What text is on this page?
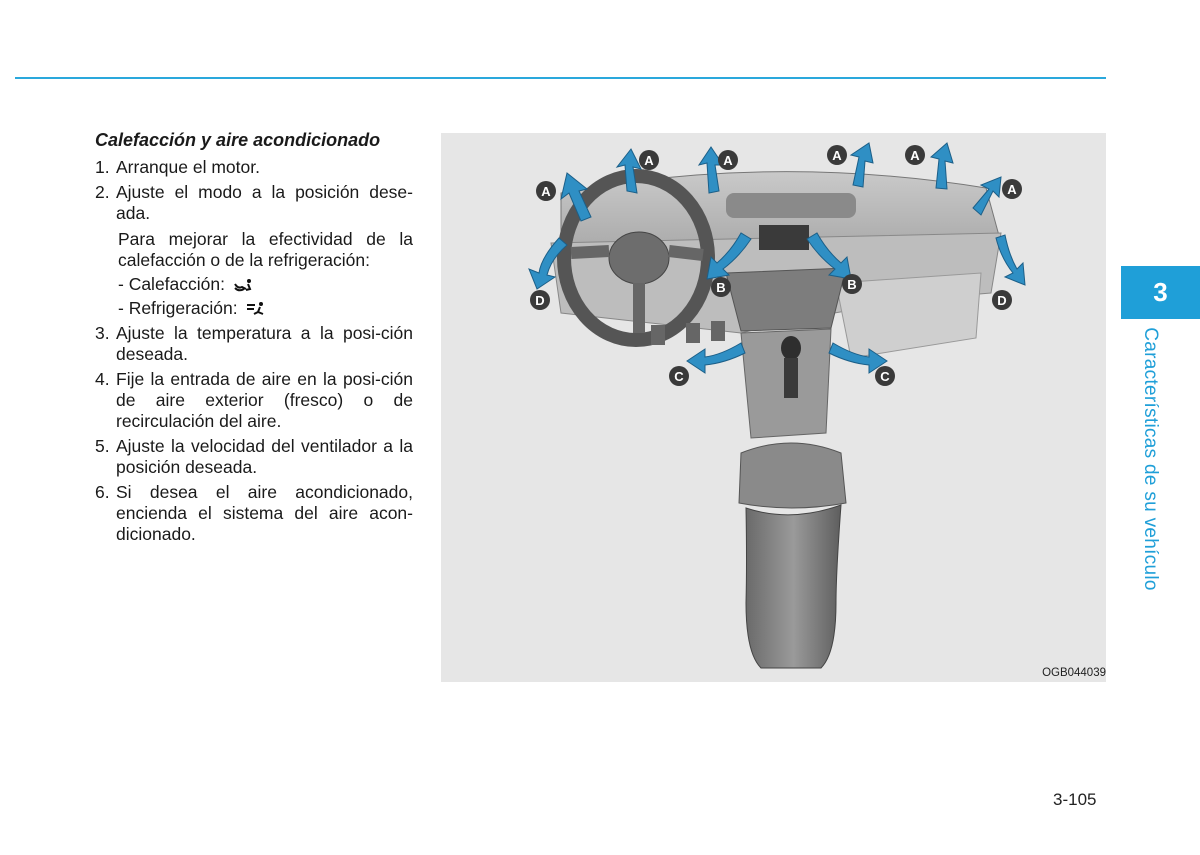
Calefacción y aire acondicionado
1. Arranque el motor.

2. Ajuste el modo a la posición dese-ada.

Para mejorar la efectividad de la calefacción o de la refrigeración:

- Calefacción:
- Refrigeración:
3. Ajuste la temperatura a la posi-ción deseada.

4. Fije la entrada de aire en la posi-ción de aire exterior (fresco) o de recirculación del aire.

5. Ajuste la velocidad del ventilador a la posición deseada.

6. Si desea el aire acondicionado, encienda el sistema del aire acon-dicionado.

A
A	A	A	A
A
B	B
C	C
D	D
OGB044039
3
Características de su vehículo
3-105
